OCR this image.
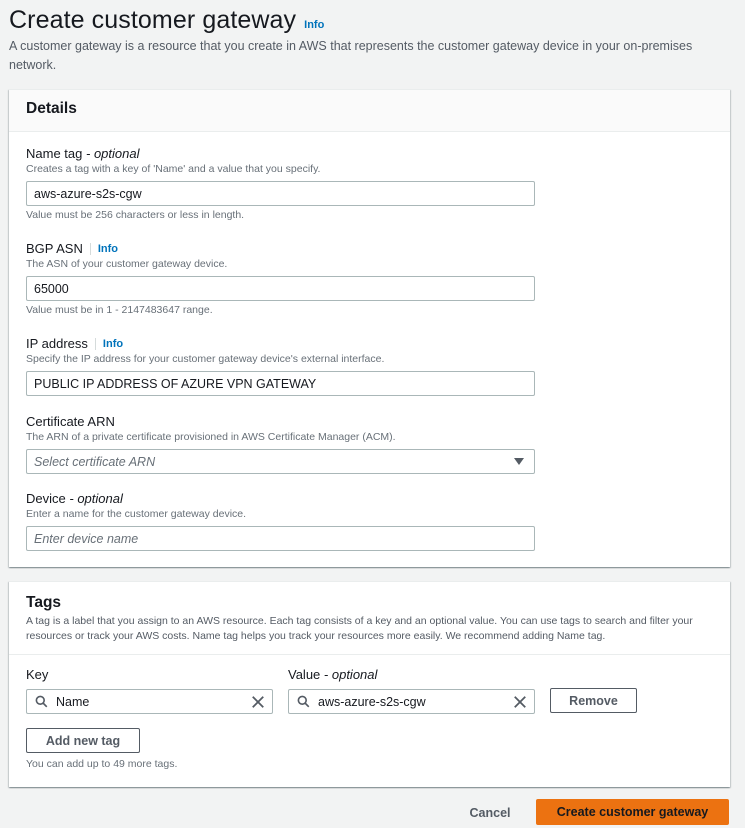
Create customer gateway Info

A customer gateway is a resource that you create in AWS that represents the customer gateway device in your on-premises network.

Details
Name tag
- optional
Creates a tag with a key of 'Name' and a value that you specify.
aws-azure-s2s-cgw
Value must be 256 characters or less in length.
BGP ASN	Info
The ASN of your customer gateway device.
65000
Value must be in 1 - 2147483647 range.
IP address	Info
Specify the IP address for your customer gateway device's external interface.
PUBLIC IP ADDRESS OF AZURE VPN GATEWAY
Certificate ARN
The ARN of a private certificate provisioned in AWS Certificate Manager (ACM).
Select certificate ARN
Device
- optional
Enter a name for the customer gateway device.
Enter device name
Tags

A tag is a label that you assign to an AWS resource. Each tag consists of a key and an optional value. You can use tags to search and filter your resources or track your AWS costs. Name tag helps you track your resources more easily. We recommend adding Name tag.

Key	Value - optional
Name	aws-azure-s2s-cgw	Remove
Add new tag
You can add up to 49 more tags.
Cancel	Create customer gateway
